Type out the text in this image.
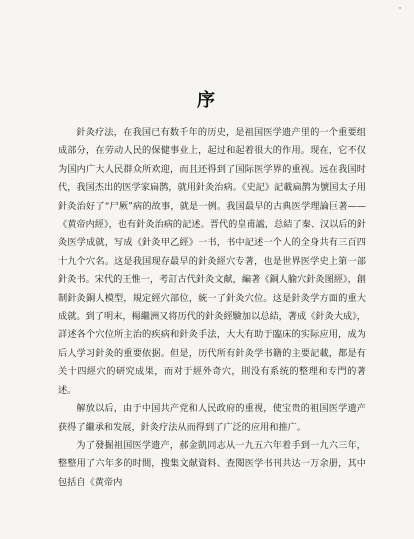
"
序

針灸疗法，在我国已有数千年的历史，是祖国医学遗产里的一个重要组成部分，在劳动人民的保健事业上，起过和起着很大的作用。现在，它不仅为国内广大人民群众所欢迎，而且还得到了国际医学界的重视。远在我国时代，我国杰出的医学家扁鹊，就用針灸治病。《史記》記載扁鹊为號国太子用針灸治好了“尸厥”病的故事，就是一例。我国最早的古典医学理論巨著——《黄帝内經》，也有針灸治病的記述。晋代的皇甫謐，总結了秦、汉以后的針灸医学成就，写成《針灸甲乙經》一书，书中記述一个人的全身共有三百四十九个穴名。这是我国现存最早的針灸經穴专著，也是世界医学史上第一部針灸书。宋代的王惟一，考訂古代針灸文献，編著《銅人腧穴針灸图經》，創制針灸銅人模型，規定經穴部位，統一了針灸穴位。这是針灸学方面的重大成就。到了明末，楊繼洲又将历代的針灸經驗加以总結，著成《針灸大成》，詳述各个穴位所主治的疾病和針灸手法，大大有助于臨床的实际应用，成为后人学习針灸的重要依据。但是，历代所有針灸学书籍的主要記載，都是有关十四經穴的研究成果，而对于經外奇穴，則没有系统的整理和专門的著述。

解放以后，由于中国共产党和人民政府的重视，使宝贵的祖国医学遗产获得了繼承和发展，針灸疗法从而得到了广泛的应用和推广。

为了發掘祖国医学遗产，郝金凱同志从一九五六年着手到一九六三年，整整用了六年多的时間，搜集文献資料、查閱医学书刊共达一万余册，其中包括自《黄帝内
